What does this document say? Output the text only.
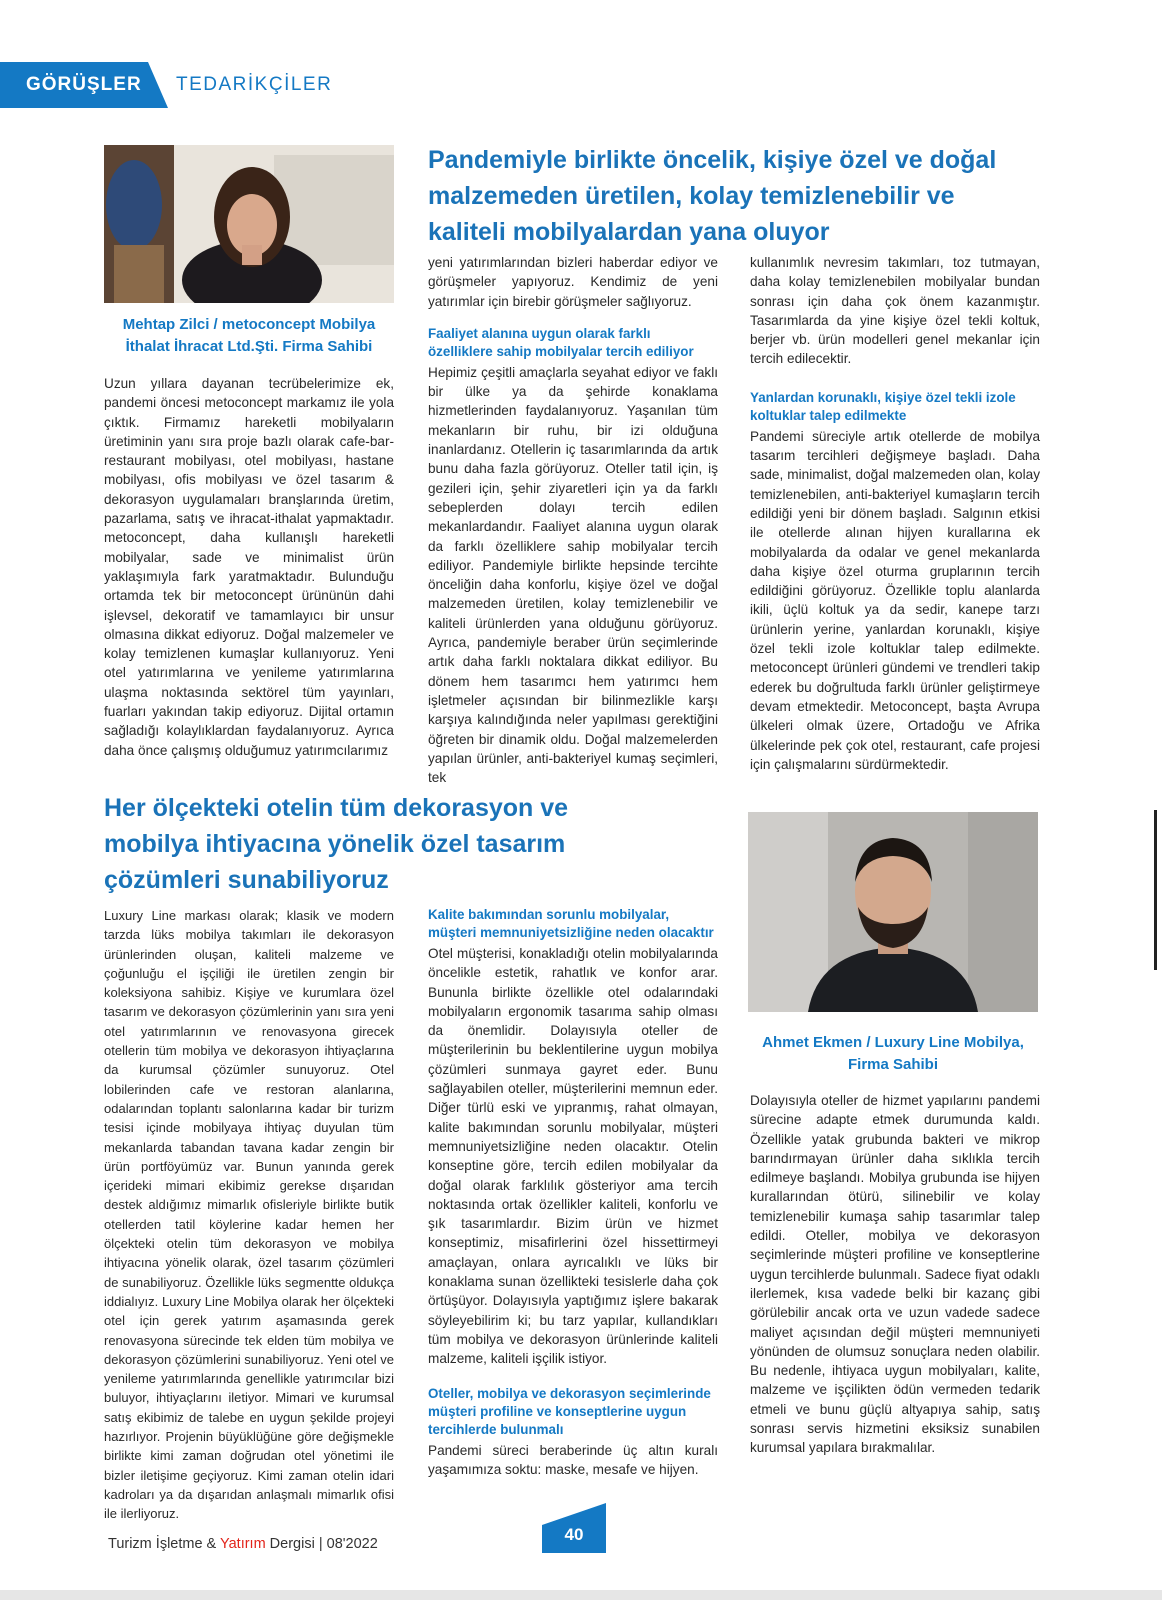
GÖRÜŞLER TEDARİKÇİLER
Mehtap Zilci / metoconcept Mobilya
İthalat İhracat Ltd.Şti. Firma Sahibi
Pandemiyle birlikte öncelik, kişiye özel ve doğal malzemeden üretilen, kolay temizlenebilir ve kaliteli mobilyalardan yana oluyor

Uzun yıllara dayanan tecrübelerimize ek, pandemi öncesi metoconcept markamız ile yola çıktık. Firmamız hareketli mobilyaların üretiminin yanı sıra proje bazlı olarak cafe-bar-restaurant mobilyası, otel mobilyası, hastane mobilyası, ofis mobilyası ve özel tasarım & dekorasyon uygulamaları branşlarında üretim, pazarlama, satış ve ihracat-ithalat yapmaktadır. metoconcept, daha kullanışlı hareketli mobilyalar, sade ve minimalist ürün yaklaşımıyla fark yaratmaktadır. Bulunduğu ortamda tek bir metoconcept ürününün dahi işlevsel, dekoratif ve tamamlayıcı bir unsur olmasına dikkat ediyoruz. Doğal malzemeler ve kolay temizlenen kumaşlar kullanıyoruz. Yeni otel yatırımlarına ve yenileme yatırımlarına ulaşma noktasında sektörel tüm yayınları, fuarları yakından takip ediyoruz. Dijital ortamın sağladığı kolaylıklardan faydalanıyoruz. Ayrıca daha önce çalışmış olduğumuz yatırımcılarımız

yeni yatırımlarından bizleri haberdar ediyor ve görüşmeler yapıyoruz. Kendimiz de yeni yatırımlar için birebir görüşmeler sağlıyoruz.

Faaliyet alanına uygun olarak farklı özelliklere sahip mobilyalar tercih ediliyor

Hepimiz çeşitli amaçlarla seyahat ediyor ve faklı bir ülke ya da şehirde konaklama hizmetlerinden faydalanıyoruz. Yaşanılan tüm mekanların bir ruhu, bir izi olduğuna inanlardanız. Otellerin iç tasarımlarında da artık bunu daha fazla görüyoruz. Oteller tatil için, iş gezileri için, şehir ziyaretleri için ya da farklı sebeplerden dolayı tercih edilen mekanlardandır. Faaliyet alanına uygun olarak da farklı özelliklere sahip mobilyalar tercih ediliyor. Pandemiyle birlikte hepsinde tercihte önceliğin daha konforlu, kişiye özel ve doğal malzemeden üretilen, kolay temizlenebilir ve kaliteli ürünlerden yana olduğunu görüyoruz. Ayrıca, pandemiyle beraber ürün seçimlerinde artık daha farklı noktalara dikkat ediliyor. Bu dönem hem tasarımcı hem yatırımcı hem işletmeler açısından bir bilinmezlikle karşı karşıya kalındığında neler yapılması gerektiğini öğreten bir dinamik oldu. Doğal malzemelerden yapılan ürünler, anti-bakteriyel kumaş seçimleri, tek

kullanımlık nevresim takımları, toz tutmayan, daha kolay temizlenebilen mobilyalar bundan sonrası için daha çok önem kazanmıştır. Tasarımlarda da yine kişiye özel tekli koltuk, berjer vb. ürün modelleri genel mekanlar için tercih edilecektir.

Yanlardan korunaklı, kişiye özel tekli izole koltuklar talep edilmekte

Pandemi süreciyle artık otellerde de mobilya tasarım tercihleri değişmeye başladı. Daha sade, minimalist, doğal malzemeden olan, kolay temizlenebilen, anti-bakteriyel kumaşların tercih edildiği yeni bir dönem başladı. Salgının etkisi ile otellerde alınan hijyen kurallarına ek mobilyalarda da odalar ve genel mekanlarda daha kişiye özel oturma gruplarının tercih edildiğini görüyoruz. Özellikle toplu alanlarda ikili, üçlü koltuk ya da sedir, kanepe tarzı ürünlerin yerine, yanlardan korunaklı, kişiye özel tekli izole koltuklar talep edilmekte. metoconcept ürünleri gündemi ve trendleri takip ederek bu doğrultuda farklı ürünler geliştirmeye devam etmektedir. Metoconcept, başta Avrupa ülkeleri olmak üzere, Ortadoğu ve Afrika ülkelerinde pek çok otel, restaurant, cafe projesi için çalışmalarını sürdürmektedir.

Her ölçekteki otelin tüm dekorasyon ve mobilya ihtiyacına yönelik özel tasarım çözümleri sunabiliyoruz
Ahmet Ekmen / Luxury Line Mobilya,
Firma Sahibi

Luxury Line markası olarak; klasik ve modern tarzda lüks mobilya takımları ile dekorasyon ürünlerinden oluşan, kaliteli malzeme ve çoğunluğu el işçiliği ile üretilen zengin bir koleksiyona sahibiz. Kişiye ve kurumlara özel tasarım ve dekorasyon çözümlerinin yanı sıra yeni otel yatırımlarının ve renovasyona girecek otellerin tüm mobilya ve dekorasyon ihtiyaçlarına da kurumsal çözümler sunuyoruz. Otel lobilerinden cafe ve restoran alanlarına, odalarından toplantı salonlarına kadar bir turizm tesisi içinde mobilyaya ihtiyaç duyulan tüm mekanlarda tabandan tavana kadar zengin bir ürün portföyümüz var. Bunun yanında gerek içerideki mimari ekibimiz gerekse dışarıdan destek aldığımız mimarlık ofisleriyle birlikte butik otellerden tatil köylerine kadar hemen her ölçekteki otelin tüm dekorasyon ve mobilya ihtiyacına yönelik olarak, özel tasarım çözümleri de sunabiliyoruz. Özellikle lüks segmentte oldukça iddialıyız. Luxury Line Mobilya olarak her ölçekteki otel için gerek yatırım aşamasında gerek renovasyona sürecinde tek elden tüm mobilya ve dekorasyon çözümlerini sunabiliyoruz. Yeni otel ve yenileme yatırımlarında genellikle yatırımcılar bizi buluyor, ihtiyaçlarını iletiyor. Mimari ve kurumsal satış ekibimiz de talebe en uygun şekilde projeyi hazırlıyor. Projenin büyüklüğüne göre değişmekle birlikte kimi zaman doğrudan otel yönetimi ile bizler iletişime geçiyoruz. Kimi zaman otelin idari kadroları ya da dışarıdan anlaşmalı mimarlık ofisi ile ilerliyoruz.

Kalite bakımından sorunlu mobilyalar, müşteri memnuniyetsizliğine neden olacaktır

Otel müşterisi, konakladığı otelin mobilyalarında öncelikle estetik, rahatlık ve konfor arar. Bununla birlikte özellikle otel odalarındaki mobilyaların ergonomik tasarıma sahip olması da önemlidir. Dolayısıyla oteller de müşterilerinin bu beklentilerine uygun mobilya çözümleri sunmaya gayret eder. Bunu sağlayabilen oteller, müşterilerini memnun eder. Diğer türlü eski ve yıpranmış, rahat olmayan, kalite bakımından sorunlu mobilyalar, müşteri memnuniyetsizliğine neden olacaktır. Otelin konseptine göre, tercih edilen mobilyalar da doğal olarak farklılık gösteriyor ama tercih noktasında ortak özellikler kaliteli, konforlu ve şık tasarımlardır. Bizim ürün ve hizmet konseptimiz, misafirlerini özel hissettirmeyi amaçlayan, onlara ayrıcalıklı ve lüks bir konaklama sunan özellikteki tesislerle daha çok örtüşüyor. Dolayısıyla yaptığımız işlere bakarak söyleyebilirim ki; bu tarz yapılar, kullandıkları tüm mobilya ve dekorasyon ürünlerinde kaliteli malzeme, kaliteli işçilik istiyor.

Oteller, mobilya ve dekorasyon seçimlerinde müşteri profiline ve konseptlerine uygun tercihlerde bulunmalı

Pandemi süreci beraberinde üç altın kuralı yaşamımıza soktu: maske, mesafe ve hijyen.

Dolayısıyla oteller de hizmet yapılarını pandemi sürecine adapte etmek durumunda kaldı. Özellikle yatak grubunda bakteri ve mikrop barındırmayan ürünler daha sıklıkla tercih edilmeye başlandı. Mobilya grubunda ise hijyen kurallarından ötürü, silinebilir ve kolay temizlenebilir kumaşa sahip tasarımlar talep edildi. Oteller, mobilya ve dekorasyon seçimlerinde müşteri profiline ve konseptlerine uygun tercihlerde bulunmalı. Sadece fiyat odaklı ilerlemek, kısa vadede belki bir kazanç gibi görülebilir ancak orta ve uzun vadede sadece maliyet açısından değil müşteri memnuniyeti yönünden de olumsuz sonuçlara neden olabilir. Bu nedenle, ihtiyaca uygun mobilyaları, kalite, malzeme ve işçilikten ödün vermeden tedarik etmeli ve bunu güçlü altyapıya sahip, satış sonrası servis hizmetini eksiksiz sunabilen kurumsal yapılara bırakmalılar.

Turizm İşletme & Yatırım Dergisi | 08'2022	40
